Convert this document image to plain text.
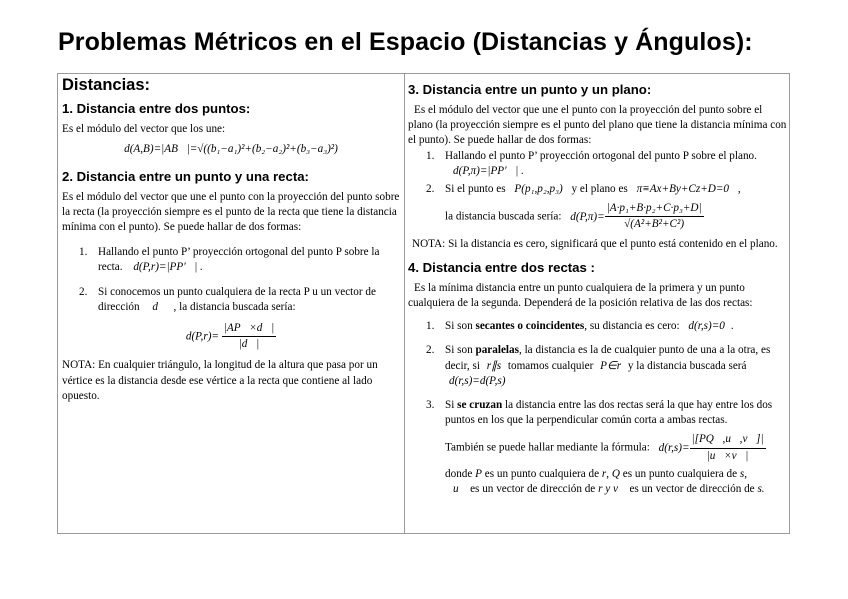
Problemas Métricos en el Espacio (Distancias y Ángulos):
Distancias:
1. Distancia entre dos puntos:

Es el módulo del vector que los une:

d(A,B)=|AB⃗|=√((b₁−a₁)²+(b₂−a₂)²+(b₃−a₃)²)

2. Distancia entre un punto y una recta:

Es el módulo del vector que une el punto con la proyección del punto sobre la recta (la proyección siempre es el punto de la recta que tiene la distancia mínima con el punto). Se puede hallar de dos formas:

1. Hallando el punto P’ proyección ortogonal del punto P sobre la recta. d(P,r)=|PP'⃗| .
2. Si conocemos un punto cualquiera de la recta P u un vector de dirección d⃗ , la distancia buscada sería:

$d(P,r)= \frac{|AP⃗\times d⃗|}{|d⃗|}$

NOTA: En cualquier triángulo, la longitud de la altura que pasa por un vértice es la distancia desde ese vértice a la recta que contiene al lado opuesto.

3. Distancia entre un punto y un plano:

Es el módulo del vector que une el punto con la proyección del punto sobre el plano (la proyección siempre es el punto del plano que tiene la distancia mínima con el punto). Se puede hallar de dos formas:

1. Hallando el punto P’ proyección ortogonal del punto P sobre el plano.
d(P,π)=|PP'⃗| .
2. Si el punto es P(p₁,p₂,p₃) y el plano es π≡Ax+By+Cz+D=0 ,
la distancia buscada sería: $d(P,\pi)= \frac{\text{|A·p₁+B·p₂+C·p₃+D|}}{\text{√(A²+B²+C²)}}$

NOTA: Si la distancia es cero, significará que el punto está contenido en el plano.

4. Distancia entre dos rectas :

Es la mínima distancia entre un punto cualquiera de la primera y un punto cualquiera de la segunda. Dependerá de la posición relativa de las dos rectas:

1. Si son secantes o coincidentes, su distancia es cero: d(r,s)=0 .
2. Si son paralelas, la distancia es la de cualquier punto de una a la otra, es decir, si r∥s tomamos cualquier P∈r y la distancia buscada será d(r,s)=d(P,s)
3. Si se cruzan la distancia entre las dos rectas será la que hay entre los dos puntos en los que la perpendicular común corta a ambas rectas.
También se puede hallar mediante la fórmula: $d(r,s)= \frac{|[PQ⃗,u⃗,v⃗]|}{|u⃗\times v⃗|}$
donde P es un punto cualquiera de r, Q es un punto cualquiera de s,
u⃗ es un vector de dirección de r y v⃗ es un vector de dirección de s.
